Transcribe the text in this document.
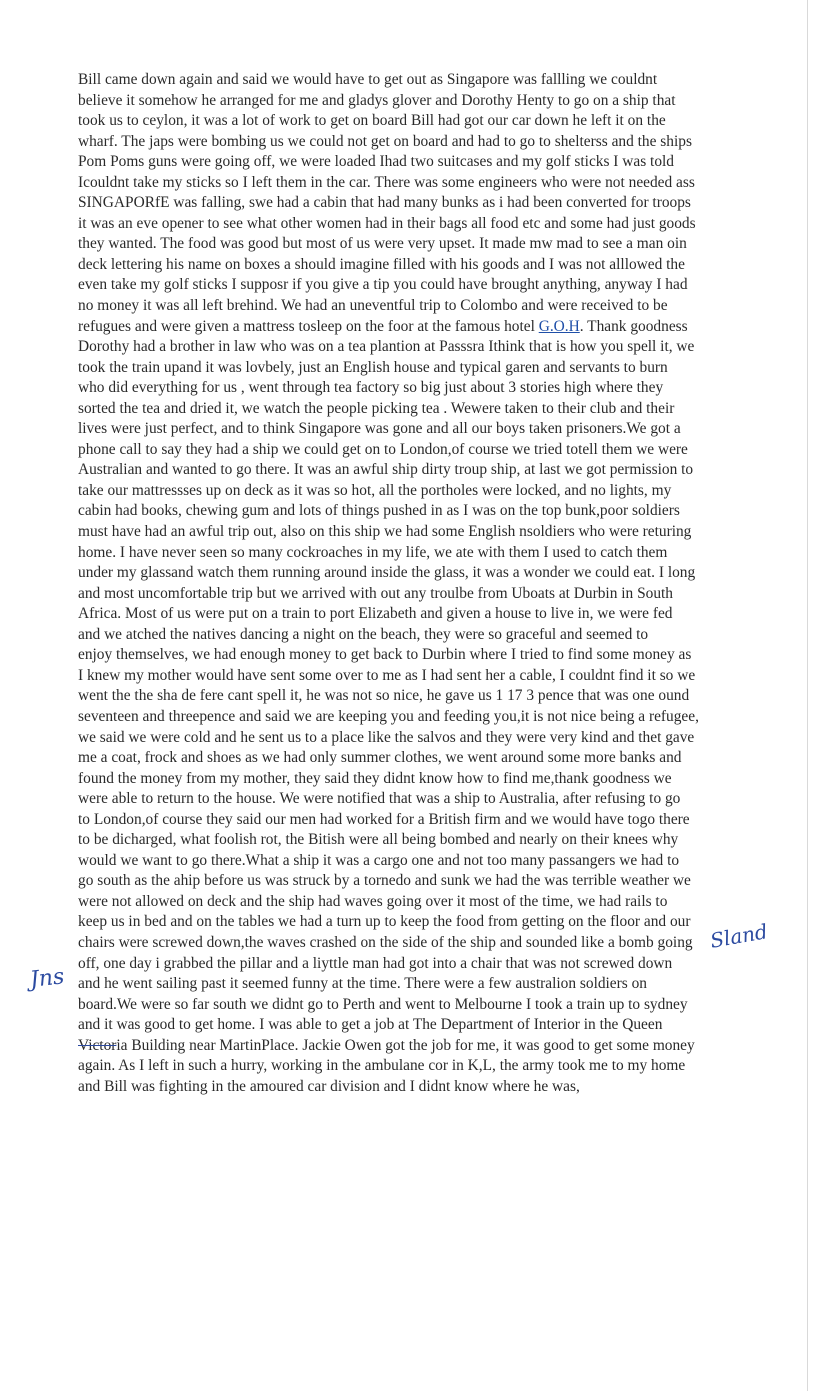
Bill came down again and said we would have to get out as Singapore was fallling we couldnt
believe it somehow he arranged for me and gladys glover and Dorothy Henty to go on a ship that
took us to ceylon, it was a lot of work to get on board Bill had got our car down he left it on the
wharf. The japs were bombing us we could not get on board and had to go to shelterss and the ships
Pom Poms guns were going off, we were loaded Ihad two suitcases and my golf sticks I was told
Icouldnt take my sticks so I left them in the car. There was some engineers who were not needed ass
SINGAPORfE was falling, swe had a cabin that had many bunks as i had been converted for troops
it was an eve opener to see what other women had in their bags all food etc and some had just goods
they wanted. The food was good but most of us were very upset. It made mw mad to see a man oin
deck lettering his name on boxes a should imagine filled with his goods and I was not alllowed the
even take my golf sticks I supposr if you give a tip you could have brought anything, anyway I had
no money it was all left brehind. We had an uneventful trip to Colombo and were received to be
refugues and were given a mattress tosleep on the foor at the famous hotel G.O.H. Thank goodness
Dorothy had a brother in law who was on a tea plantion at Passsra Ithink that is how you spell it, we
took the train upand it was lovbely, just an English house and typical garen and servants to burn
who did everything for us , went through tea factory so big just about 3 stories high where they
sorted the tea and dried it, we watch the people picking tea . Wewere taken to their club and their
lives were just perfect, and to think Singapore was gone and all our boys taken prisoners.We got a
phone call to say they had a ship we could get on to London,of course we tried totell them we were
Australian and wanted to go there. It was an awful ship dirty troup ship, at last we got permission to
take our mattressses up on deck as it was so hot, all the portholes were locked, and no lights, my
cabin had books, chewing gum and lots of things pushed in as I was on the top bunk,poor soldiers
must have had an awful trip out, also on this ship we had some English nsoldiers who were returing
home. I have never seen so many cockroaches in my life, we ate with them I used to catch them
under my glassand watch them running around inside the glass, it was a wonder we could eat. I long
and most uncomfortable trip but we arrived with out any troulbe from Uboats at Durbin in South
Africa. Most of us were put on a train to port Elizabeth and given a house to live in, we were fed
and we atched the natives dancing a night on the beach, they were so graceful and seemed to
enjoy themselves, we had enough money to get back to Durbin where I tried to find some money as
I knew my mother would have sent some over to me as I had sent her a cable, I couldnt find it so we
went the the sha de fere cant spell it, he was not so nice, he gave us 1 17 3 pence that was one ound
seventeen and threepence and said we are keeping you and feeding you,it is not nice being a refugee,
we said we were cold and he sent us to a place like the salvos and they were very kind and thet gave
me a coat, frock and shoes as we had only summer clothes, we went around some more banks and
found the money from my mother, they said they didnt know how to find me,thank goodness we
were able to return to the house. We were notified that was a ship to Australia, after refusing to go
to London,of course they said our men had worked for a British firm and we would have togo there
to be dicharged, what foolish rot, the Bitish were all being bombed and nearly on their knees why
would we want to go there.What a ship it was a cargo one and not too many passangers we had to
go south as the ahip before us was struck by a tornedo and sunk we had the was terrible weather we
were not allowed on deck and the ship had waves going over it most of the time, we had rails to
keep us in bed and on the tables we had a turn up to keep the food from getting on the floor and our
chairs were screwed down,the waves crashed on the side of the ship and sounded like a bomb going
off, one day i grabbed the pillar and a liyttle man had got into a chair that was not screwed down
and he went sailing past it seemed funny at the time. There were a few australion soldiers on
board.We were so far south we didnt go to Perth and went to Melbourne I took a train up to sydney
and it was good to get home. I was able to get a job at The Department of Interior in the Queen
Victoria Building near MartinPlace. Jackie Owen got the job for me, it was good to get some money
again. As I left in such a hurry, working in the ambulane cor in K,L, the army took me to my home
and Bill was fighting in the amoured car division and I didnt know where he was,
Jns
Sland
